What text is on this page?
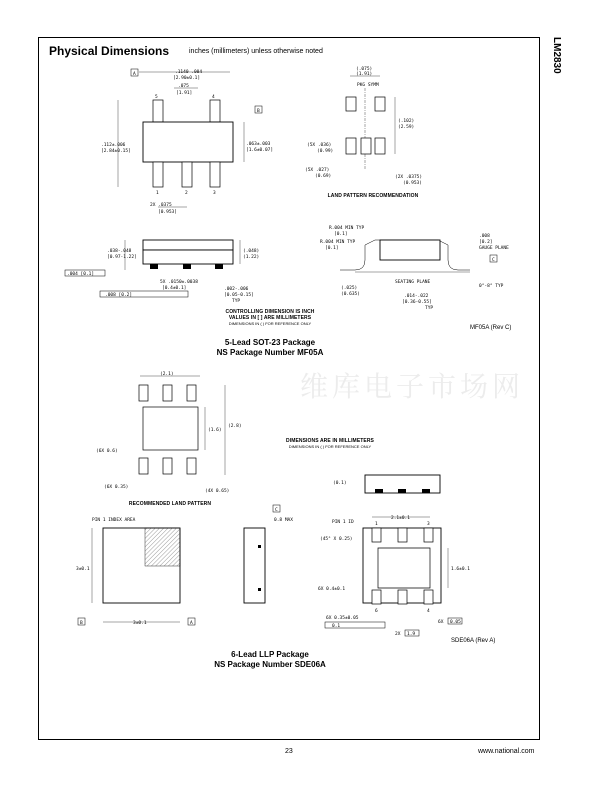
LM2830
Physical Dimensions	inches (millimeters) unless otherwise noted
维库电子市场网
A	.1140 .004
[2.90±0.1]
.075
[1.91]
5	4
1	2	3
B
.112±.006
[2.84±0.15]
.063±.003
[1.6±0.07]
2X .0375
[0.953]
(.075)
(1.91)
PKG SYMM
(.102)
(2.59)
(5X .036)
(0.99)
(5X .027)
(0.69)	(2X .0375)
(0.953)
.038-.048
[0.97-1.22]
(.048)
(1.22)
.004 [0.1]
5X .0150±.0038
[0.4±0.1]
.008 [0.2]
.002-.006
[0.05-0.15]
TYP
R.004 MIN TYP
[0.1]
R.004 MIN TYP
[0.1]
.008
[0.2]
GAUGE PLANE
SEATING PLANE
C
(.025)
(0.635)	.014-.022
[0.36-0.55]
TYP
0°-8° TYP
(2.1)
(1.6)
(2.8)
(6X 0.6)
(6X 0.35)
(4X 0.65)
(0.1)
PIN 1 INDEX AREA
3±0.1
3±0.1
B	A
C
0.8 MAX	PIN 1 ID
(45° X 0.25)
2.1±0.1
1	3
6	4
1.6±0.1
6X 0.4±0.1
6X 0.35±0.05
0.1
2X 1.9
6X 0.05
LAND PATTERN RECOMMENDATION
CONTROLLING DIMENSION IS INCH
VALUES IN [ ] ARE MILLIMETERS
DIMENSIONS IN ( ) FOR REFERENCE ONLY
MF05A (Rev C)
5-Lead SOT-23 Package
NS Package Number MF05A
DIMENSIONS ARE IN MILLIMETERS
DIMENSIONS IN ( ) FOR REFERENCE ONLY
RECOMMENDED LAND PATTERN
SDE06A (Rev A)
6-Lead LLP Package
NS Package Number SDE06A
23	www.national.com
